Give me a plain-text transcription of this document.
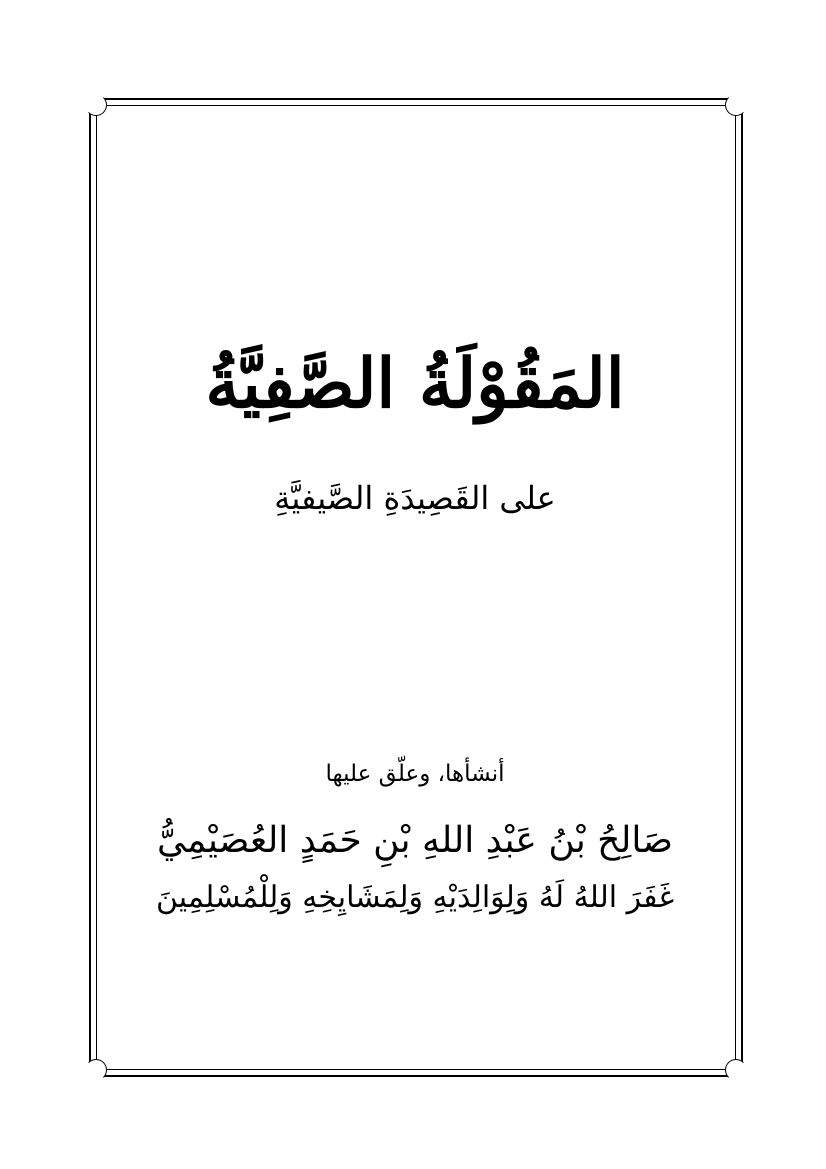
المَقُوْلَةُ الصَّفِيَّةُ
على القَصِيدَةِ الصَّيفيَّةِ
أنشأها، وعلّق عليها
صَالِحُ بْنُ عَبْدِ اللهِ بْنِ حَمَدٍ العُصَيْمِيُّ
غَفَرَ اللهُ لَهُ وَلِوَالِدَيْهِ وَلِمَشَايِخِهِ وَلِلْمُسْلِمِينَ
